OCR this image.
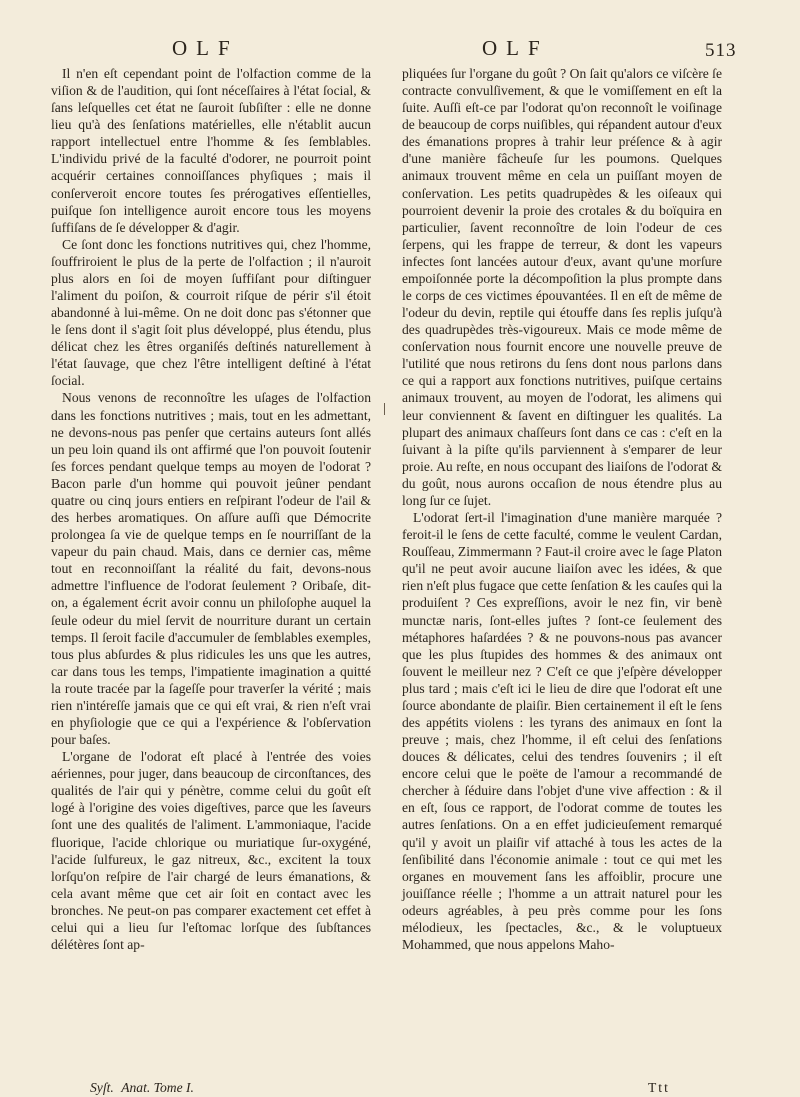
OLF	OLF	513

Il n'en eſt cependant point de l'olfaction comme de la viſion & de l'audition, qui ſont néceſſaires à l'état ſocial, & ſans leſquelles cet état ne ſauroit ſubſiſter : elle ne donne lieu qu'à des ſenſations matérielles, elle n'établit aucun rapport intellectuel entre l'homme & ſes ſemblables. L'individu privé de la faculté d'odorer, ne pourroit point acquérir certaines connoiſſances phyſiques ; mais il conſerveroit encore toutes ſes prérogatives eſſentielles, puiſque ſon intelligence auroit encore tous les moyens ſuffiſans de ſe développer & d'agir.

Ce ſont donc les fonctions nutritives qui, chez l'homme, ſouffriroient le plus de la perte de l'olfaction ; il n'auroit plus alors en ſoi de moyen ſuffiſant pour diſtinguer l'aliment du poiſon, & courroit riſque de périr s'il étoit abandonné à lui-même. On ne doit donc pas s'étonner que le ſens dont il s'agit ſoit plus développé, plus étendu, plus délicat chez les êtres organiſés deſtinés naturellement à l'état ſauvage, que chez l'être intelligent deſtiné à l'état ſocial.

Nous venons de reconnoître les uſages de l'olfaction dans les fonctions nutritives ; mais, tout en les admettant, ne devons-nous pas penſer que certains auteurs ſont allés un peu loin quand ils ont affirmé que l'on pouvoit ſoutenir ſes forces pendant quelque temps au moyen de l'odorat ? Bacon parle d'un homme qui pouvoit jeûner pendant quatre ou cinq jours entiers en reſpirant l'odeur de l'ail & des herbes aromatiques. On aſſure auſſi que Démocrite prolongea ſa vie de quelque temps en ſe nourriſſant de la vapeur du pain chaud. Mais, dans ce dernier cas, même tout en reconnoiſſant la réalité du fait, devons-nous admettre l'influence de l'odorat ſeulement ? Oribaſe, dit-on, a également écrit avoir connu un philoſophe auquel la ſeule odeur du miel ſervit de nourriture durant un certain temps. Il ſeroit facile d'accumuler de ſemblables exemples, tous plus abſurdes & plus ridicules les uns que les autres, car dans tous les temps, l'impatiente imagination a quitté la route tracée par la ſageſſe pour traverſer la vérité ; mais rien n'intéreſſe jamais que ce qui eſt vrai, & rien n'eſt vrai en phyſiologie que ce qui a l'expérience & l'obſervation pour baſes.

L'organe de l'odorat eſt placé à l'entrée des voies aériennes, pour juger, dans beaucoup de circonſtances, des qualités de l'air qui y pénètre, comme celui du goût eſt logé à l'origine des voies digeſtives, parce que les ſaveurs ſont une des qualités de l'aliment. L'ammoniaque, l'acide fluorique, l'acide chlorique ou muriatique ſur-oxygéné, l'acide ſulfureux, le gaz nitreux, &c., excitent la toux lorſqu'on reſpire de l'air chargé de leurs émanations, & cela avant même que cet air ſoit en contact avec les bronches. Ne peut-on pas comparer exactement cet effet à celui qui a lieu ſur l'eſtomac lorſque des ſubſtances délétères ſont ap-

pliquées ſur l'organe du goût ? On ſait qu'alors ce viſcère ſe contracte convulſivement, & que le vomiſſement en eſt la ſuite. Auſſi eſt-ce par l'odorat qu'on reconnoît le voiſinage de beaucoup de corps nuiſibles, qui répandent autour d'eux des émanations propres à trahir leur préſence & à agir d'une manière fâcheuſe ſur les poumons. Quelques animaux trouvent même en cela un puiſſant moyen de conſervation. Les petits quadrupèdes & les oiſeaux qui pourroient devenir la proie des crotales & du boïquira en particulier, ſavent reconnoître de loin l'odeur de ces ſerpens, qui les frappe de terreur, & dont les vapeurs infectes ſont lancées autour d'eux, avant qu'une morſure empoiſonnée porte la décompoſition la plus prompte dans le corps de ces victimes épouvantées. Il en eſt de même de l'odeur du devin, reptile qui étouffe dans ſes replis juſqu'à des quadrupèdes très-vigoureux. Mais ce mode même de conſervation nous fournit encore une nouvelle preuve de l'utilité que nous retirons du ſens dont nous parlons dans ce qui a rapport aux fonctions nutritives, puiſque certains animaux trouvent, au moyen de l'odorat, les alimens qui leur conviennent & ſavent en diſtinguer les qualités. La plupart des animaux chaſſeurs ſont dans ce cas : c'eſt en la ſuivant à la piſte qu'ils parviennent à s'emparer de leur proie. Au reſte, en nous occupant des liaiſons de l'odorat & du goût, nous aurons occaſion de nous étendre plus au long ſur ce ſujet.

L'odorat ſert-il l'imagination d'une manière marquée ? feroit-il le ſens de cette faculté, comme le veulent Cardan, Rouſſeau, Zimmermann ? Faut-il croire avec le ſage Platon qu'il ne peut avoir aucune liaiſon avec les idées, & que rien n'eſt plus fugace que cette ſenſation & les cauſes qui la produiſent ? Ces expreſſions, avoir le nez fin, vir benè munctæ naris, ſont-elles juſtes ? ſont-ce ſeulement des métaphores haſardées ? & ne pouvons-nous pas avancer que les plus ſtupides des hommes & des animaux ont ſouvent le meilleur nez ? C'eſt ce que j'eſpère développer plus tard ; mais c'eſt ici le lieu de dire que l'odorat eſt une ſource abondante de plaiſir. Bien certainement il eſt le ſens des appétits violens : les tyrans des animaux en ſont la preuve ; mais, chez l'homme, il eſt celui des ſenſations douces & délicates, celui des tendres ſouvenirs ; il eſt encore celui que le poëte de l'amour a recommandé de chercher à ſéduire dans l'objet d'une vive affection : & il en eſt, ſous ce rapport, de l'odorat comme de toutes les autres ſenſations. On a en effet judicieuſement remarqué qu'il y avoit un plaiſir vif attaché à tous les actes de la ſenſibilité dans l'économie animale : tout ce qui met les organes en mouvement ſans les affoiblir, procure une jouiſſance réelle ; l'homme a un attrait naturel pour les odeurs agréables, à peu près comme pour les ſons mélodieux, les ſpectacles, &c., & le voluptueux Mohammed, que nous appelons Maho-

Syſt. Anat. Tome I.	Ttt
